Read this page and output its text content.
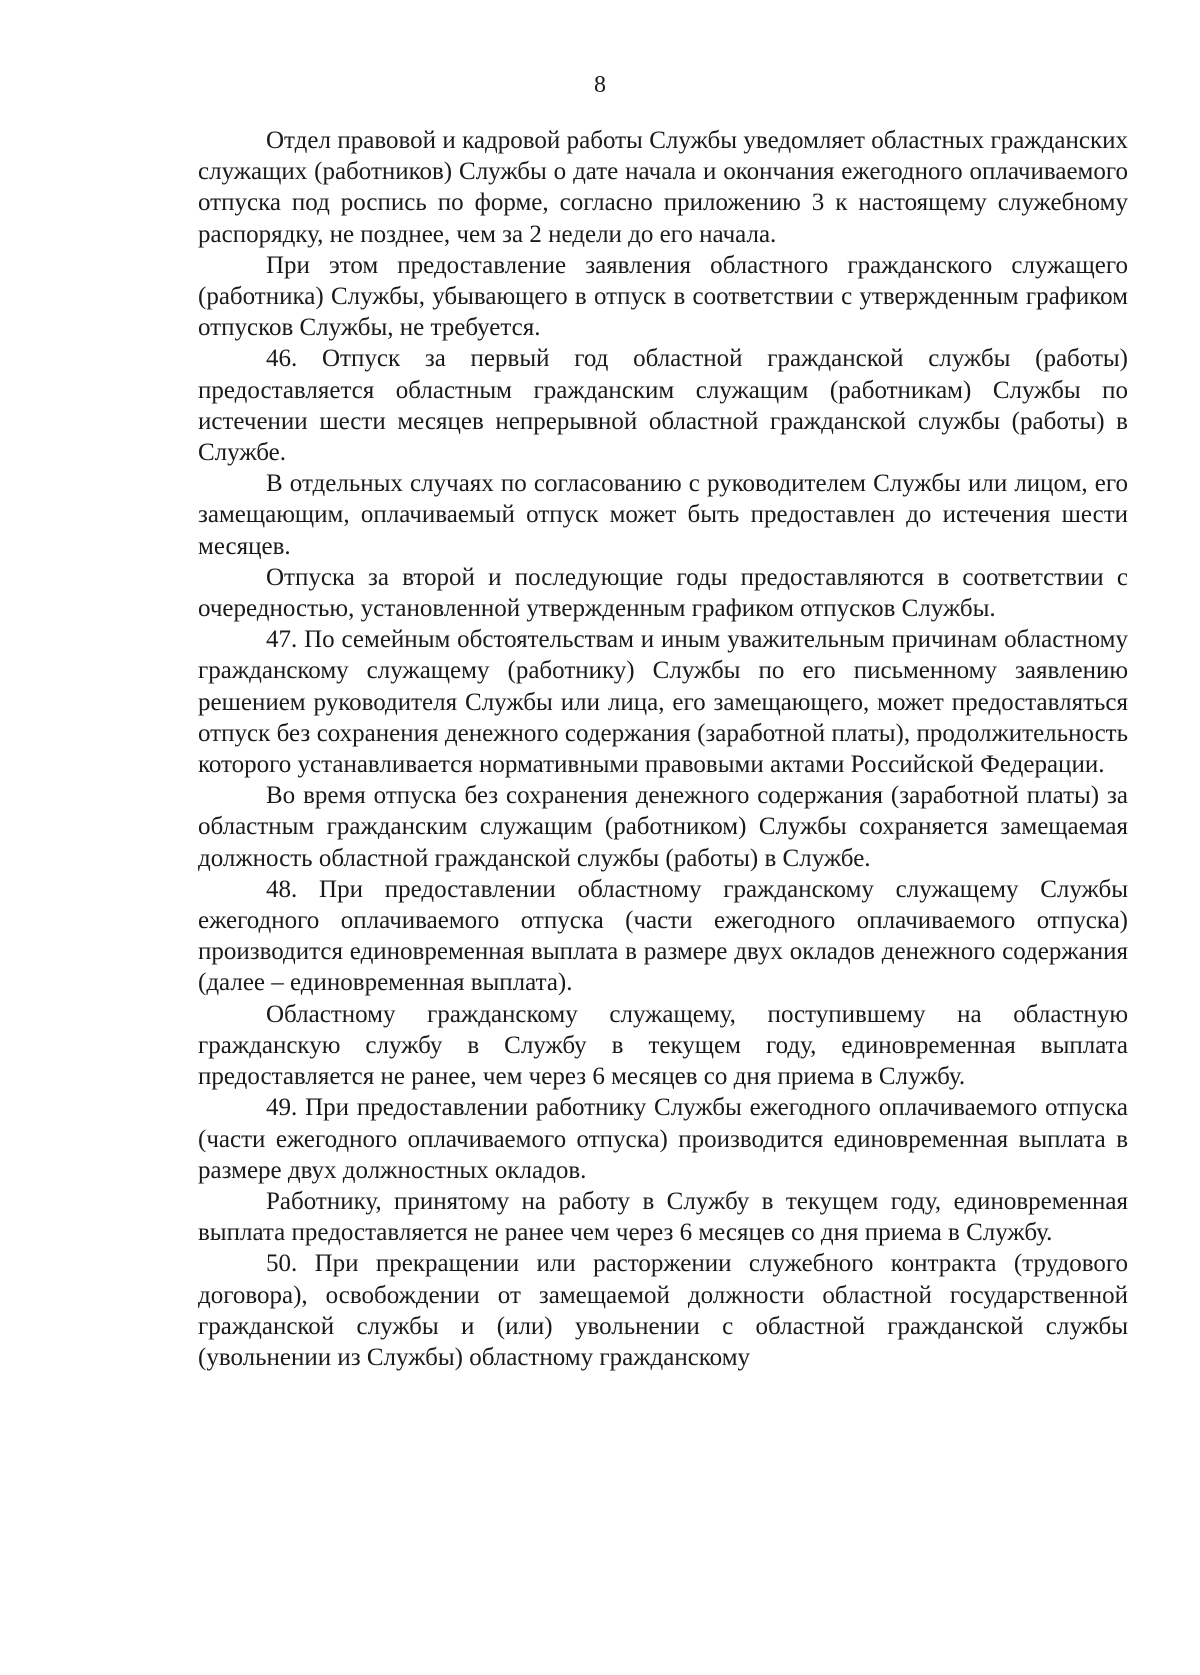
8

Отдел правовой и кадровой работы Службы уведомляет областных гражданских служащих (работников) Службы о дате начала и окончания ежегодного оплачиваемого отпуска под роспись по форме, согласно приложению 3 к настоящему служебному распорядку, не позднее, чем за 2 недели до его начала.

При этом предоставление заявления областного гражданского служащего (работника) Службы, убывающего в отпуск в соответствии с утвержденным графиком отпусков Службы, не требуется.

46. Отпуск за первый год областной гражданской службы (работы) предоставляется областным гражданским служащим (работникам) Службы по истечении шести месяцев непрерывной областной гражданской службы (работы) в Службе.

В отдельных случаях по согласованию с руководителем Службы или лицом, его замещающим, оплачиваемый отпуск может быть предоставлен до истечения шести месяцев.

Отпуска за второй и последующие годы предоставляются в соответствии с очередностью, установленной утвержденным графиком отпусков Службы.

47. По семейным обстоятельствам и иным уважительным причинам областному гражданскому служащему (работнику) Службы по его письменному заявлению решением руководителя Службы или лица, его замещающего, может предоставляться отпуск без сохранения денежного содержания (заработной платы), продолжительность которого устанавливается нормативными правовыми актами Российской Федерации.

Во время отпуска без сохранения денежного содержания (заработной платы) за областным гражданским служащим (работником) Службы сохраняется замещаемая должность областной гражданской службы (работы) в Службе.

48. При предоставлении областному гражданскому служащему Службы ежегодного оплачиваемого отпуска (части ежегодного оплачиваемого отпуска) производится единовременная выплата в размере двух окладов денежного содержания (далее – единовременная выплата).

Областному гражданскому служащему, поступившему на областную гражданскую службу в Службу в текущем году, единовременная выплата предоставляется не ранее, чем через 6 месяцев со дня приема в Службу.

49. При предоставлении работнику Службы ежегодного оплачиваемого отпуска (части ежегодного оплачиваемого отпуска) производится единовременная выплата в размере двух должностных окладов.

Работнику, принятому на работу в Службу в текущем году, единовременная выплата предоставляется не ранее чем через 6 месяцев со дня приема в Службу.

50. При прекращении или расторжении служебного контракта (трудового договора), освобождении от замещаемой должности областной государственной гражданской службы и (или) увольнении с областной гражданской службы (увольнении из Службы) областному гражданскому
